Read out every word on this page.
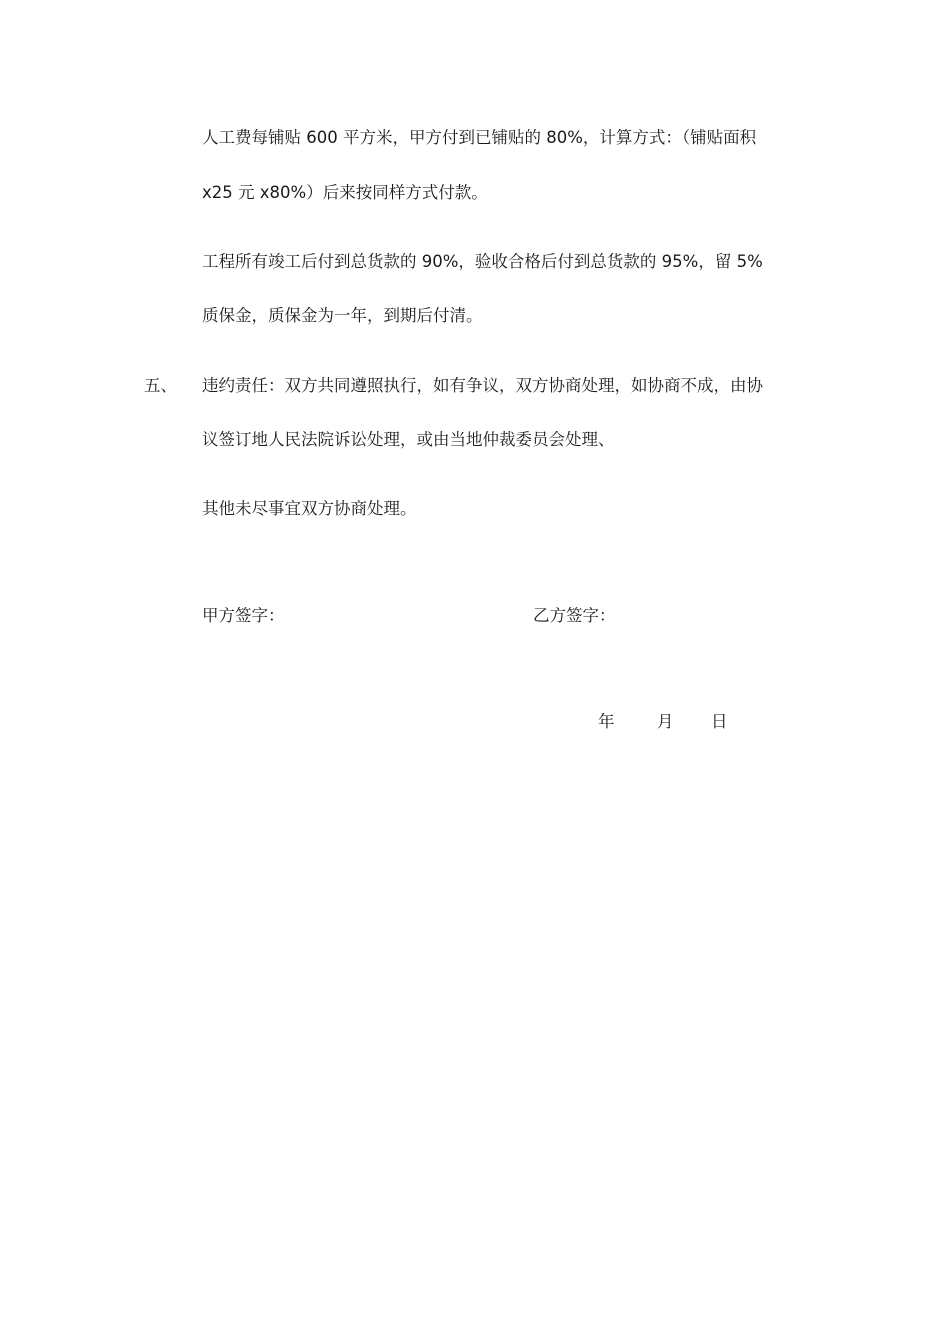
人工费每铺贴 600 平方米，甲方付到已铺贴的 80%，计算方式：（铺贴面积
x25 元 x80%）后来按同样方式付款。
工程所有竣工后付到总货款的 90%，验收合格后付到总货款的 95%，留 5%
质保金，质保金为一年，到期后付清。
五、 违约责任：双方共同遵照执行，如有争议，双方协商处理，如协商不成，由协
议签订地人民法院诉讼处理，或由当地仲裁委员会处理、
其他未尽事宜双方协商处理。
甲方签字：	乙方签字：
年	月 日
